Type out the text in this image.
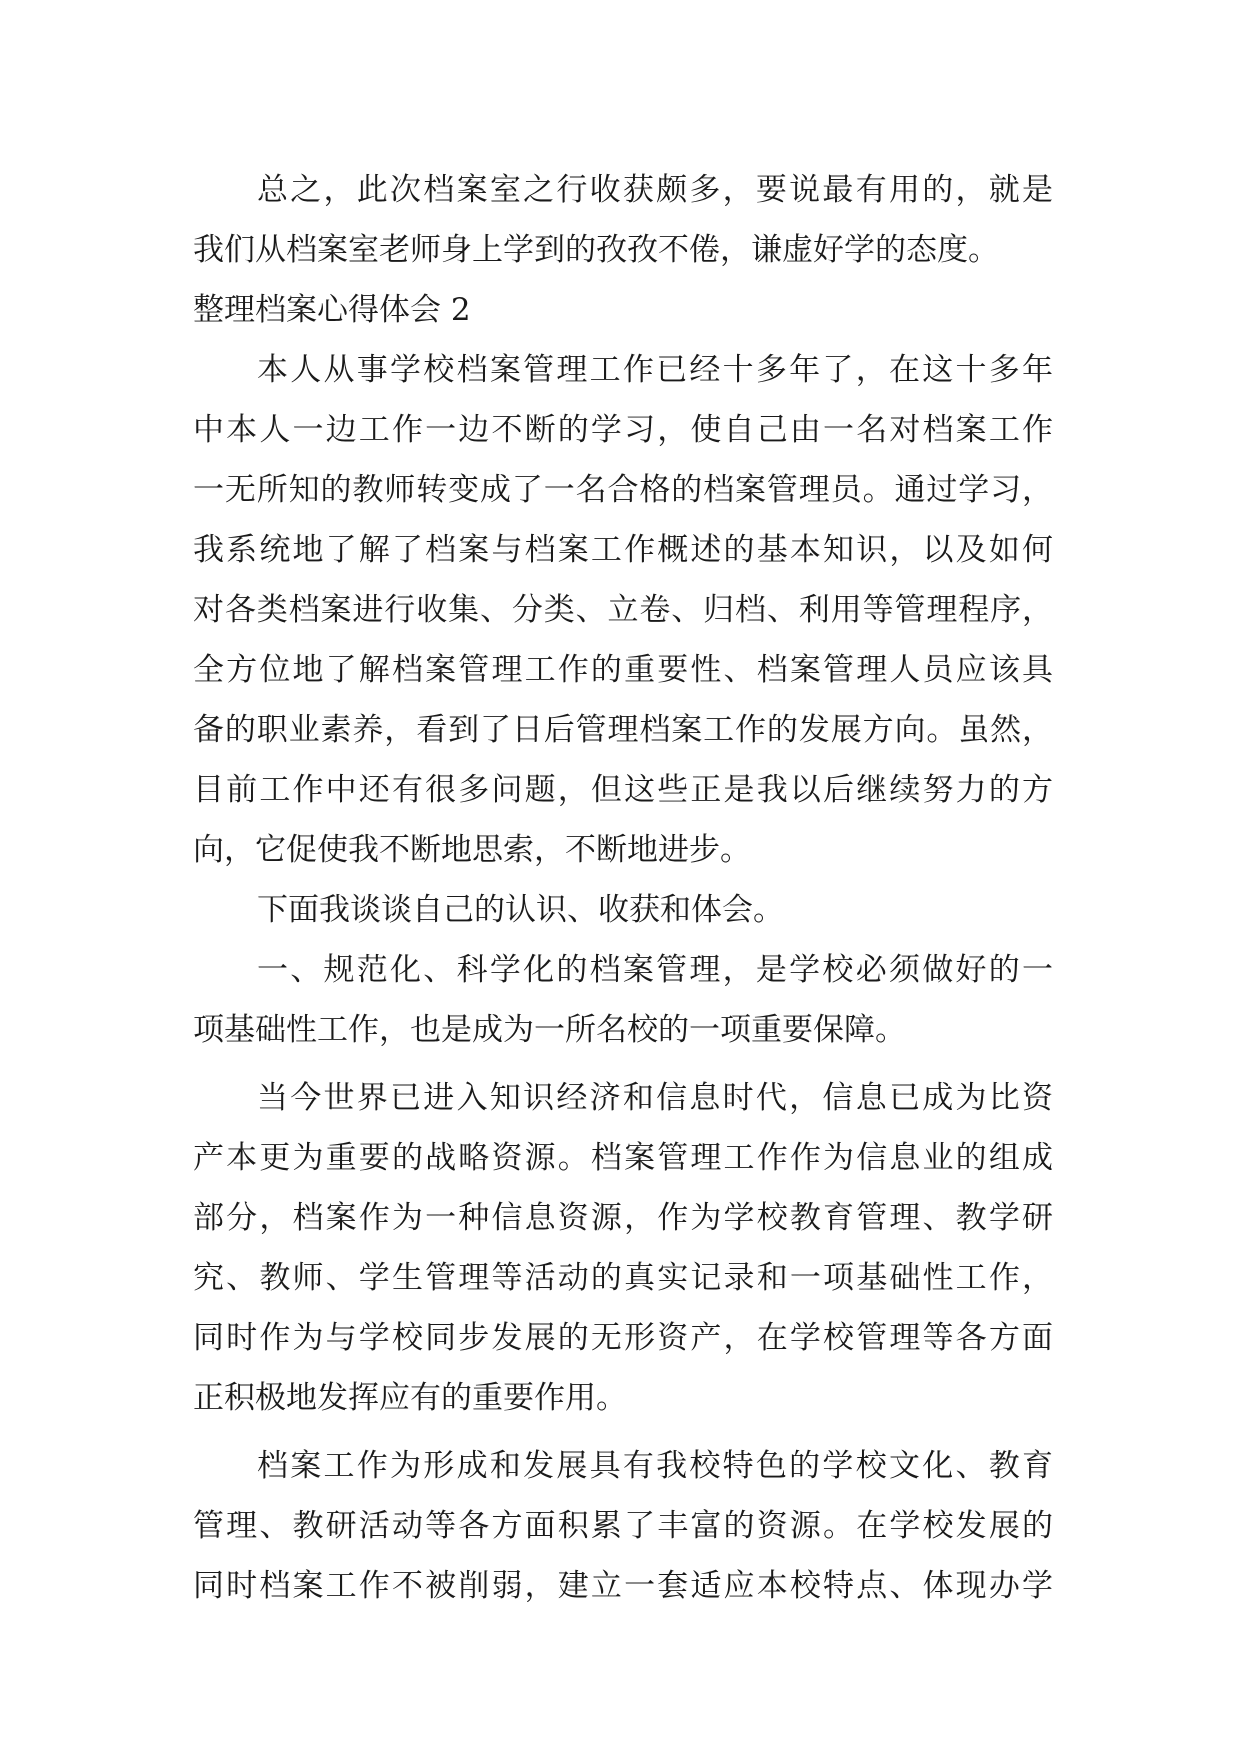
总之，此次档案室之行收获颇多，要说最有用的，就是
我们从档案室老师身上学到的孜孜不倦，谦虚好学的态度。
整理档案心得体会 2
本人从事学校档案管理工作已经十多年了，在这十多年
中本人一边工作一边不断的学习，使自己由一名对档案工作
一无所知的教师转变成了一名合格的档案管理员。通过学习，
我系统地了解了档案与档案工作概述的基本知识，以及如何
对各类档案进行收集、分类、立卷、归档、利用等管理程序，
全方位地了解档案管理工作的重要性、档案管理人员应该具
备的职业素养，看到了日后管理档案工作的发展方向。虽然，
目前工作中还有很多问题，但这些正是我以后继续努力的方
向，它促使我不断地思索，不断地进步。
下面我谈谈自己的认识、收获和体会。
一、规范化、科学化的档案管理，是学校必须做好的一
项基础性工作，也是成为一所名校的一项重要保障。
当今世界已进入知识经济和信息时代，信息已成为比资
产本更为重要的战略资源。档案管理工作作为信息业的组成
部分，档案作为一种信息资源，作为学校教育管理、教学研
究、教师、学生管理等活动的真实记录和一项基础性工作，
同时作为与学校同步发展的无形资产，在学校管理等各方面
正积极地发挥应有的重要作用。
档案工作为形成和发展具有我校特色的学校文化、教育
管理、教研活动等各方面积累了丰富的资源。在学校发展的
同时档案工作不被削弱，建立一套适应本校特点、体现办学
